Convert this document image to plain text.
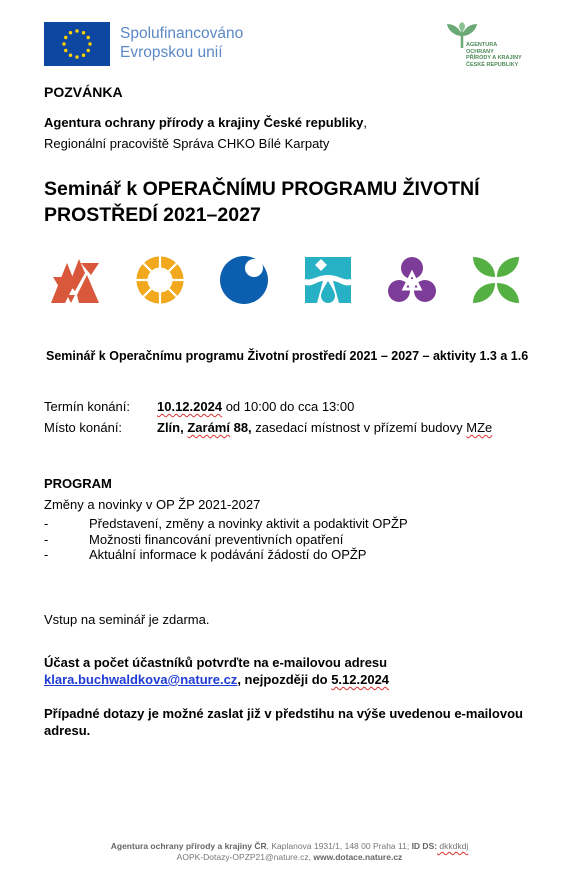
Spolufinancováno
Evropskou unií	AGENTURA OCHRANY
PŘÍRODY A KRAJINY
ČESKÉ REPUBLIKY
POZVÁNKA
Agentura ochrany přírody a krajiny České republiky,
Regionální pracoviště Správa CHKO Bílé Karpaty
Seminář k OPERAČNÍMU PROGRAMU ŽIVOTNÍ PROSTŘEDÍ 2021–2027
Seminář k Operačnímu programu Životní prostředí 2021 – 2027 – aktivity 1.3 a 1.6
Termín konání:	10.12.2024 od 10:00 do cca 13:00
Místo konání:	Zlín, Zarámí 88, zasedací místnost v přízemí budovy MZe
PROGRAM
Změny a novinky v OP ŽP 2021-2027
- Představení, změny a novinky aktivit a podaktivit OPŽP
- Možnosti financování preventivních opatření
- Aktuální informace k podávání žádostí do OPŽP
Vstup na seminář je zdarma.
Účast a počet účastníků potvrďte na e-mailovou adresu
klara.buchwaldkova@nature.cz, nejpozději do 5.12.2024
Případné dotazy je možné zaslat již v předstihu na výše uvedenou e-mailovou adresu.
Agentura ochrany přírody a krajiny ČR, Kaplanova 1931/1, 148 00 Praha 11; ID DS: dkkdkdj
AOPK-Dotazy-OPZP21@nature.cz, www.dotace.nature.cz
